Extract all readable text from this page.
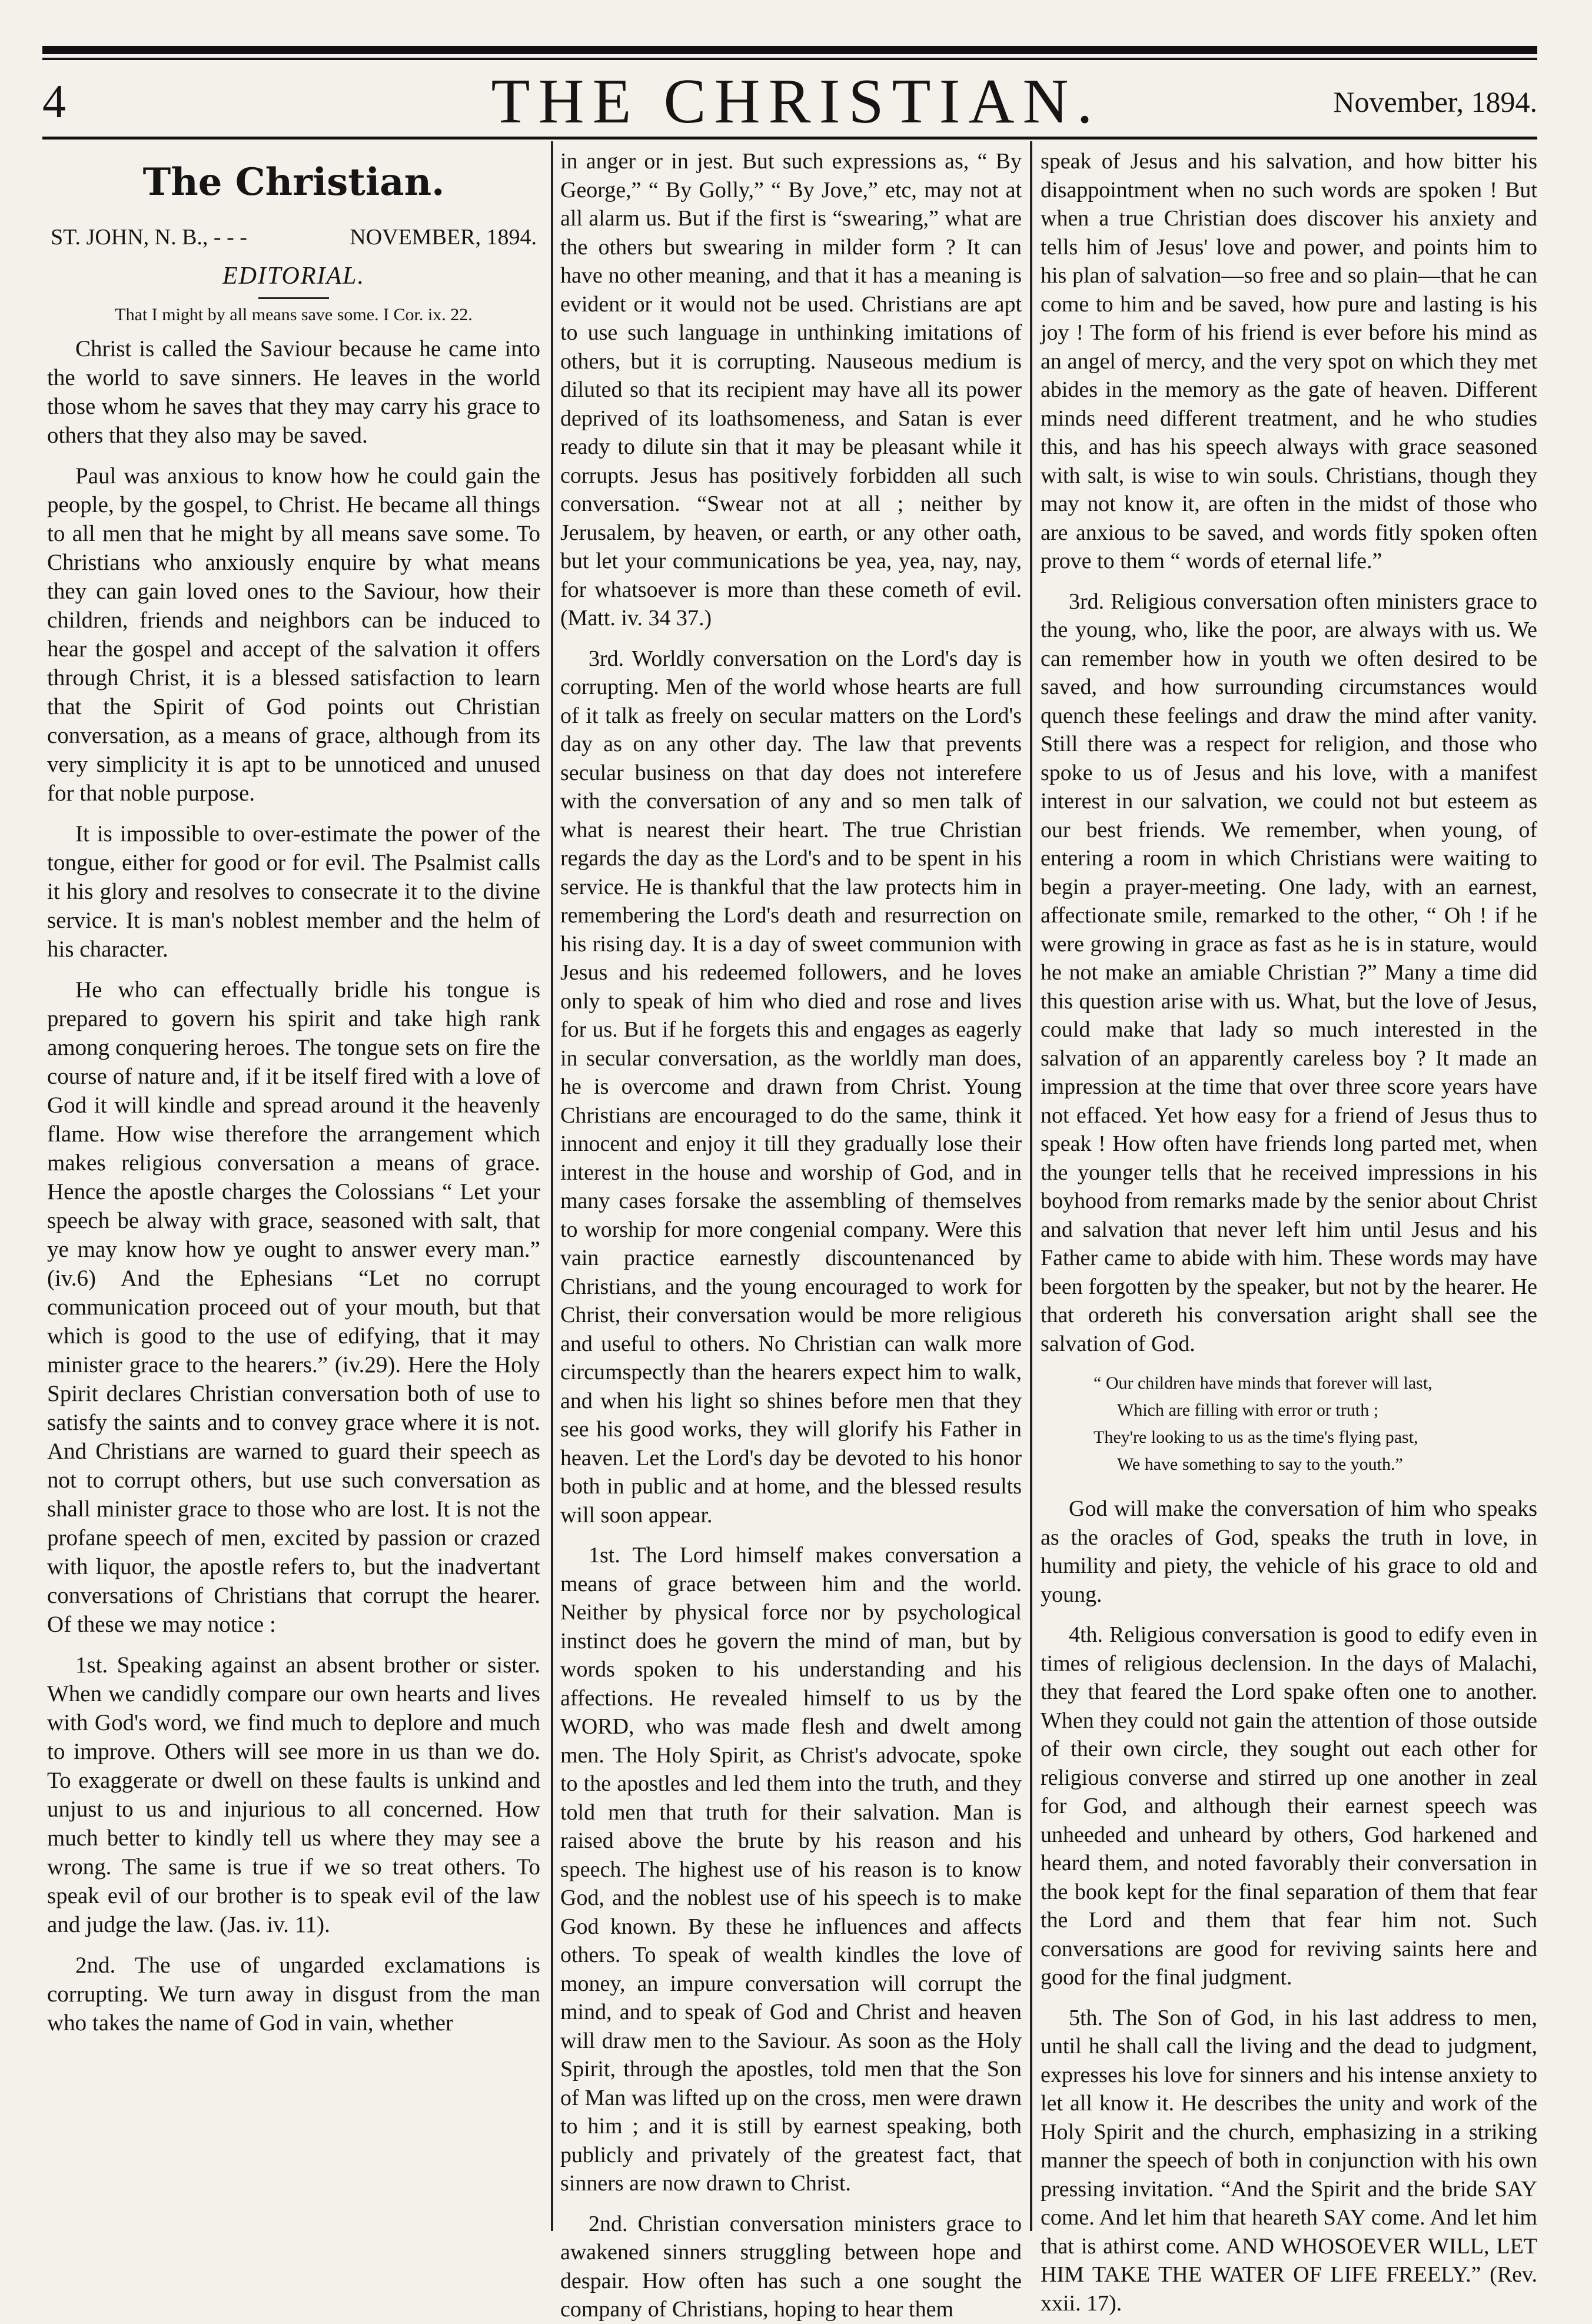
4	THE CHRISTIAN.	November, 1894.
The Christian.
ST. JOHN, N. B., - - -	NOVEMBER, 1894.
EDITORIAL.
That I might by all means save some. I Cor. ix. 22.

Christ is called the Saviour because he came into the world to save sinners. He leaves in the world those whom he saves that they may carry his grace to others that they also may be saved.

Paul was anxious to know how he could gain the people, by the gospel, to Christ. He became all things to all men that he might by all means save some. To Christians who anxiously enquire by what means they can gain loved ones to the Saviour, how their children, friends and neighbors can be induced to hear the gospel and accept of the salvation it offers through Christ, it is a blessed satisfaction to learn that the Spirit of God points out Christian conversation, as a means of grace, although from its very simplicity it is apt to be unnoticed and unused for that noble purpose.

It is impossible to over-estimate the power of the tongue, either for good or for evil. The Psalmist calls it his glory and resolves to consecrate it to the divine service. It is man's noblest member and the helm of his character.

He who can effectually bridle his tongue is prepared to govern his spirit and take high rank among conquering heroes. The tongue sets on fire the course of nature and, if it be itself fired with a love of God it will kindle and spread around it the heavenly flame. How wise therefore the arrangement which makes religious conversation a means of grace. Hence the apostle charges the Colossians “ Let your speech be alway with grace, seasoned with salt, that ye may know how ye ought to answer every man.” (iv.6) And the Ephesians “Let no corrupt communication proceed out of your mouth, but that which is good to the use of edifying, that it may minister grace to the hearers.” (iv.29). Here the Holy Spirit declares Christian conversation both of use to satisfy the saints and to convey grace where it is not. And Christians are warned to guard their speech as not to corrupt others, but use such conversation as shall minister grace to those who are lost. It is not the profane speech of men, excited by passion or crazed with liquor, the apostle refers to, but the inadvertant conversations of Christians that corrupt the hearer. Of these we may notice :

1st. Speaking against an absent brother or sister. When we candidly compare our own hearts and lives with God's word, we find much to deplore and much to improve. Others will see more in us than we do. To exaggerate or dwell on these faults is unkind and unjust to us and injurious to all concerned. How much better to kindly tell us where they may see a wrong. The same is true if we so treat others. To speak evil of our brother is to speak evil of the law and judge the law. (Jas. iv. 11).

2nd. The use of ungarded exclamations is corrupting. We turn away in disgust from the man who takes the name of God in vain, whether

in anger or in jest. But such expressions as, “ By George,” “ By Golly,” “ By Jove,” etc, may not at all alarm us. But if the first is “swearing,” what are the others but swearing in milder form ? It can have no other meaning, and that it has a meaning is evident or it would not be used. Christians are apt to use such language in unthinking imitations of others, but it is corrupting. Nauseous medium is diluted so that its recipient may have all its power deprived of its loathsomeness, and Satan is ever ready to dilute sin that it may be pleasant while it corrupts. Jesus has positively forbidden all such conversation. “Swear not at all ; neither by Jerusalem, by heaven, or earth, or any other oath, but let your communications be yea, yea, nay, nay, for whatsoever is more than these cometh of evil. (Matt. iv. 34 37.)

3rd. Worldly conversation on the Lord's day is corrupting. Men of the world whose hearts are full of it talk as freely on secular matters on the Lord's day as on any other day. The law that prevents secular business on that day does not interefere with the conversation of any and so men talk of what is nearest their heart. The true Christian regards the day as the Lord's and to be spent in his service. He is thankful that the law protects him in remembering the Lord's death and resurrection on his rising day. It is a day of sweet communion with Jesus and his redeemed followers, and he loves only to speak of him who died and rose and lives for us. But if he forgets this and engages as eagerly in secular conversation, as the worldly man does, he is overcome and drawn from Christ. Young Christians are encouraged to do the same, think it innocent and enjoy it till they gradually lose their interest in the house and worship of God, and in many cases forsake the assembling of themselves to worship for more congenial company. Were this vain practice earnestly discountenanced by Christians, and the young encouraged to work for Christ, their conversation would be more religious and useful to others. No Christian can walk more circumspectly than the hearers expect him to walk, and when his light so shines before men that they see his good works, they will glorify his Father in heaven. Let the Lord's day be devoted to his honor both in public and at home, and the blessed results will soon appear.

1st. The Lord himself makes conversation a means of grace between him and the world. Neither by physical force nor by psychological instinct does he govern the mind of man, but by words spoken to his understanding and his affections. He revealed himself to us by the WORD, who was made flesh and dwelt among men. The Holy Spirit, as Christ's advocate, spoke to the apostles and led them into the truth, and they told men that truth for their salvation. Man is raised above the brute by his reason and his speech. The highest use of his reason is to know God, and the noblest use of his speech is to make God known. By these he influences and affects others. To speak of wealth kindles the love of money, an impure conversation will corrupt the mind, and to speak of God and Christ and heaven will draw men to the Saviour. As soon as the Holy Spirit, through the apostles, told men that the Son of Man was lifted up on the cross, men were drawn to him ; and it is still by earnest speaking, both publicly and privately of the greatest fact, that sinners are now drawn to Christ.

2nd. Christian conversation ministers grace to awakened sinners struggling between hope and despair. How often has such a one sought the company of Christians, hoping to hear them

speak of Jesus and his salvation, and how bitter his disappointment when no such words are spoken ! But when a true Christian does discover his anxiety and tells him of Jesus' love and power, and points him to his plan of salvation—so free and so plain—that he can come to him and be saved, how pure and lasting is his joy ! The form of his friend is ever before his mind as an angel of mercy, and the very spot on which they met abides in the memory as the gate of heaven. Different minds need different treatment, and he who studies this, and has his speech always with grace seasoned with salt, is wise to win souls. Christians, though they may not know it, are often in the midst of those who are anxious to be saved, and words fitly spoken often prove to them “ words of eternal life.”

3rd. Religious conversation often ministers grace to the young, who, like the poor, are always with us. We can remember how in youth we often desired to be saved, and how surrounding circumstances would quench these feelings and draw the mind after vanity. Still there was a respect for religion, and those who spoke to us of Jesus and his love, with a manifest interest in our salvation, we could not but esteem as our best friends. We remember, when young, of entering a room in which Christians were waiting to begin a prayer-meeting. One lady, with an earnest, affectionate smile, remarked to the other, “ Oh ! if he were growing in grace as fast as he is in stature, would he not make an amiable Christian ?” Many a time did this question arise with us. What, but the love of Jesus, could make that lady so much interested in the salvation of an apparently careless boy ? It made an impression at the time that over three score years have not effaced. Yet how easy for a friend of Jesus thus to speak ! How often have friends long parted met, when the younger tells that he received impressions in his boyhood from remarks made by the senior about Christ and salvation that never left him until Jesus and his Father came to abide with him. These words may have been forgotten by the speaker, but not by the hearer. He that ordereth his conversation aright shall see the salvation of God.

“ Our children have minds that forever will last,
Which are filling with error or truth ;
They're looking to us as the time's flying past,
We have something to say to the youth.”

God will make the conversation of him who speaks as the oracles of God, speaks the truth in love, in humility and piety, the vehicle of his grace to old and young.

4th. Religious conversation is good to edify even in times of religious declension. In the days of Malachi, they that feared the Lord spake often one to another. When they could not gain the attention of those outside of their own circle, they sought out each other for religious converse and stirred up one another in zeal for God, and although their earnest speech was unheeded and unheard by others, God harkened and heard them, and noted favorably their conversation in the book kept for the final separation of them that fear the Lord and them that fear him not. Such conversations are good for reviving saints here and good for the final judgment.

5th. The Son of God, in his last address to men, until he shall call the living and the dead to judgment, expresses his love for sinners and his intense anxiety to let all know it. He describes the unity and work of the Holy Spirit and the church, emphasizing in a striking manner the speech of both in conjunction with his own pressing invitation. “And the Spirit and the bride SAY come. And let him that heareth SAY come. And let him that is athirst come. AND WHOSOEVER WILL, LET HIM TAKE THE WATER OF LIFE FREELY.” (Rev. xxii. 17).
